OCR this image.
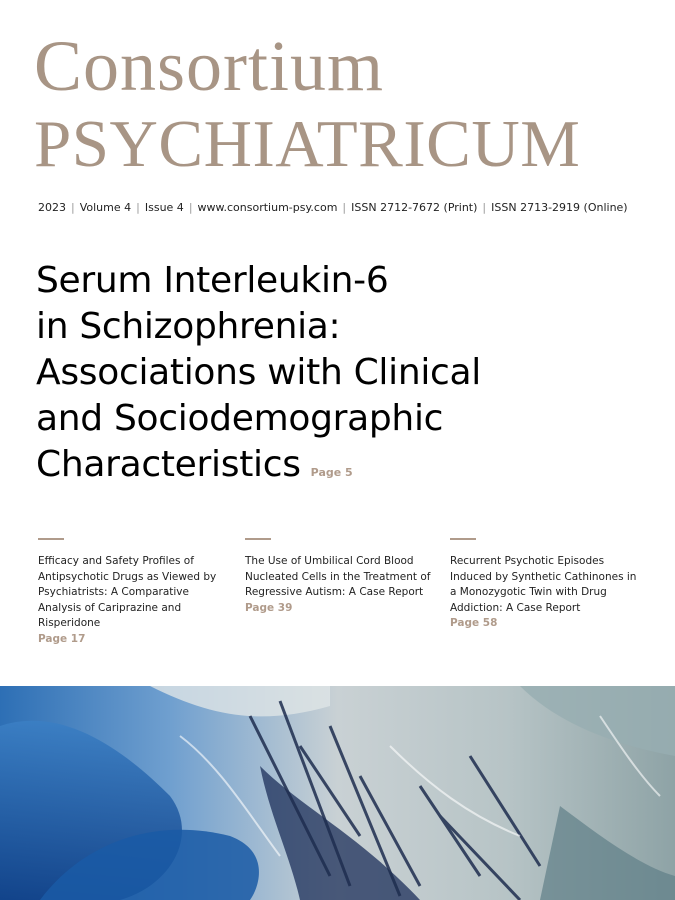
Consortium
PSYCHIATRICUM
2023 | Volume 4 | Issue 4 | www.consortium-psy.com | ISSN 2712-7672 (Print) | ISSN 2713-2919 (Online)
Serum Interleukin-6
in Schizophrenia:
Associations with Clinical
and Sociodemographic
Characteristics Page 5
Efficacy and Safety Profiles of Antipsychotic Drugs as Viewed by Psychiatrists: A Comparative Analysis of Cariprazine and Risperidone
Page 17
The Use of Umbilical Cord Blood Nucleated Cells in the Treatment of Regressive Autism: A Case Report
Page 39
Recurrent Psychotic Episodes Induced by Synthetic Cathinones in a Monozygotic Twin with Drug Addiction: A Case Report
Page 58
